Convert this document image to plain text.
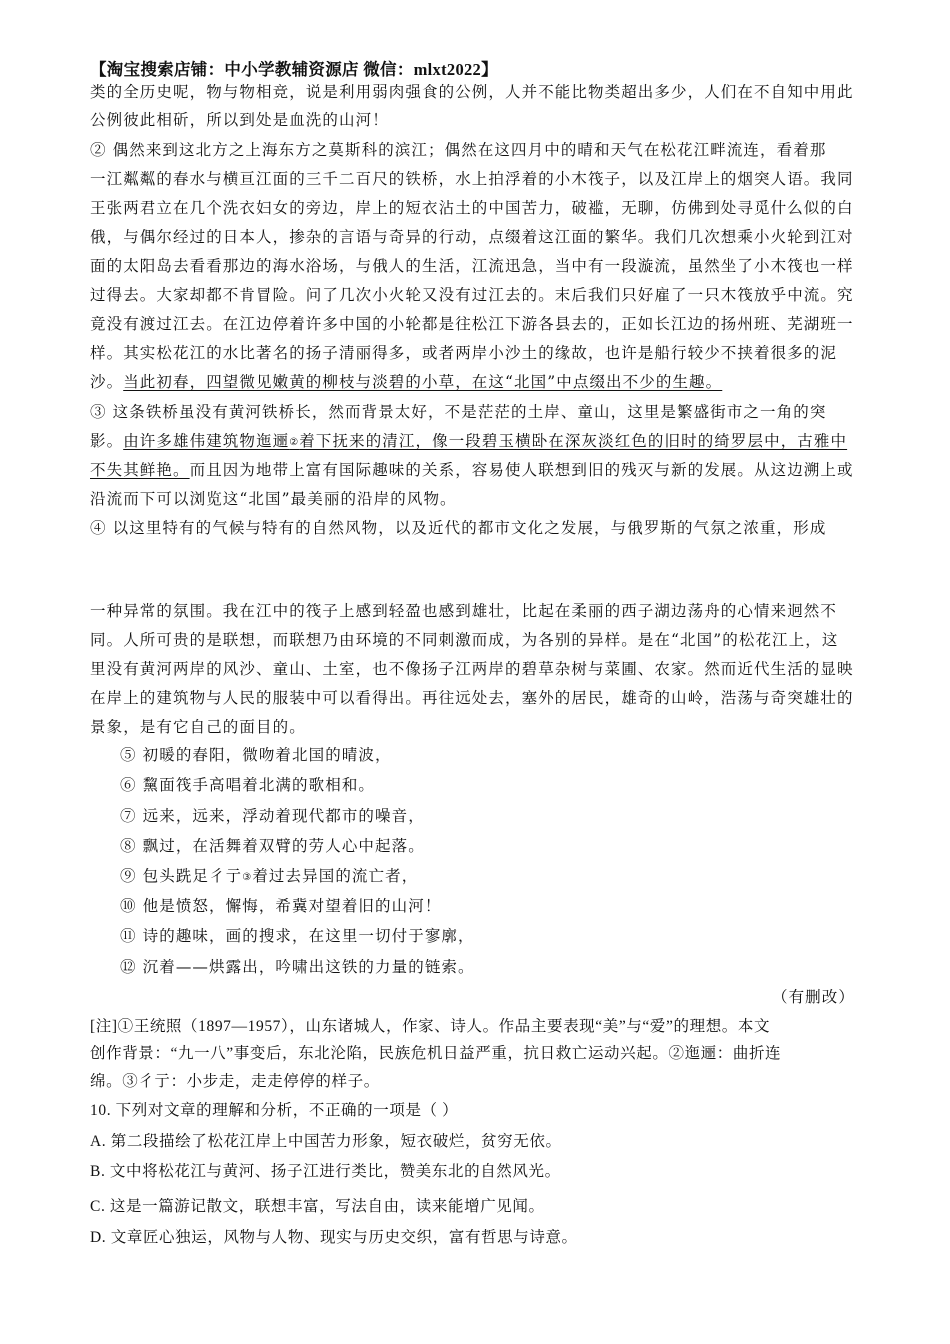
【淘宝搜索店铺：中小学教辅资源店 微信：mlxt2022】
类的全历史呢，物与物相竞，说是利用弱肉强食的公例，人并不能比物类超出多少，人们在不自知中用此
公例彼此相斫，所以到处是血洗的山河！
② 偶然来到这北方之上海东方之莫斯科的滨江；偶然在这四月中的晴和天气在松花江畔流连，看着那
一江粼粼的春水与横亘江面的三千二百尺的铁桥，水上拍浮着的小木筏子，以及江岸上的烟突人语。我同
王张两君立在几个洗衣妇女的旁边，岸上的短衣沾土的中国苦力，破褴，无聊，仿佛到处寻觅什么似的白
俄，与偶尔经过的日本人，掺杂的言语与奇异的行动，点缀着这江面的繁华。我们几次想乘小火轮到江对
面的太阳岛去看看那边的海水浴场，与俄人的生活，江流迅急，当中有一段漩流，虽然坐了小木筏也一样
过得去。大家却都不肯冒险。问了几次小火轮又没有过江去的。末后我们只好雇了一只木筏放乎中流。究
竟没有渡过江去。在江边停着许多中国的小轮都是往松江下游各县去的，正如长江边的扬州班、芜湖班一
样。其实松花江的水比著名的扬子清丽得多，或者两岸小沙土的缘故，也许是船行较少不挟着很多的泥
沙。当此初春，四望微见嫩黄的柳枝与淡碧的小草，在这“北国”中点缀出不少的生趣。
③ 这条铁桥虽没有黄河铁桥长，然而背景太好，不是茫茫的土岸、童山，这里是繁盛街市之一角的突
影。由许多雄伟建筑物迤逦②着下抚来的清江，像一段碧玉横卧在深灰淡红色的旧时的绮罗层中，古雅中
不失其鲜艳。而且因为地带上富有国际趣味的关系，容易使人联想到旧的残灭与新的发展。从这边溯上或
沿流而下可以浏览这“北国”最美丽的沿岸的风物。
④ 以这里特有的气候与特有的自然风物，以及近代的都市文化之发展，与俄罗斯的气氛之浓重，形成
一种异常的氛围。我在江中的筏子上感到轻盈也感到雄壮，比起在柔丽的西子湖边荡舟的心情来迥然不
同。人所可贵的是联想，而联想乃由环境的不同刺激而成，为各别的异样。是在“北国”的松花江上，这
里没有黄河两岸的风沙、童山、土室，也不像扬子江两岸的碧草杂树与菜圃、农家。然而近代生活的显映
在岸上的建筑物与人民的服装中可以看得出。再往远处去，塞外的居民，雄奇的山岭，浩荡与奇突雄壮的
景象，是有它自己的面目的。
⑤ 初暖的春阳，微吻着北国的晴波，
⑥ 黧面筏手高唱着北满的歌相和。
⑦ 远来，远来，浮动着现代都市的噪音，
⑧ 飘过，在活舞着双臂的劳人心中起落。
⑨ 包头跣足彳亍③着过去异国的流亡者，
⑩ 他是愤怒，懈悔，希冀对望着旧的山河！
⑪ 诗的趣味，画的搜求，在这里一切付于寥廓，
⑫ 沉着——烘露出，吟啸出这铁的力量的链索。
（有删改）
[注]①王统照（1897—1957），山东诸城人，作家、诗人。作品主要表现“美”与“爱”的理想。本文
创作背景：“九一八”事变后，东北沦陷，民族危机日益严重，抗日救亡运动兴起。②迤逦：曲折连
绵。③彳亍：小步走，走走停停的样子。
10. 下列对文章的理解和分析，不正确的一项是（ ）
A. 第二段描绘了松花江岸上中国苦力形象，短衣破烂，贫穷无依。
B. 文中将松花江与黄河、扬子江进行类比，赞美东北的自然风光。
C. 这是一篇游记散文，联想丰富，写法自由，读来能增广见闻。
D. 文章匠心独运，风物与人物、现实与历史交织，富有哲思与诗意。
